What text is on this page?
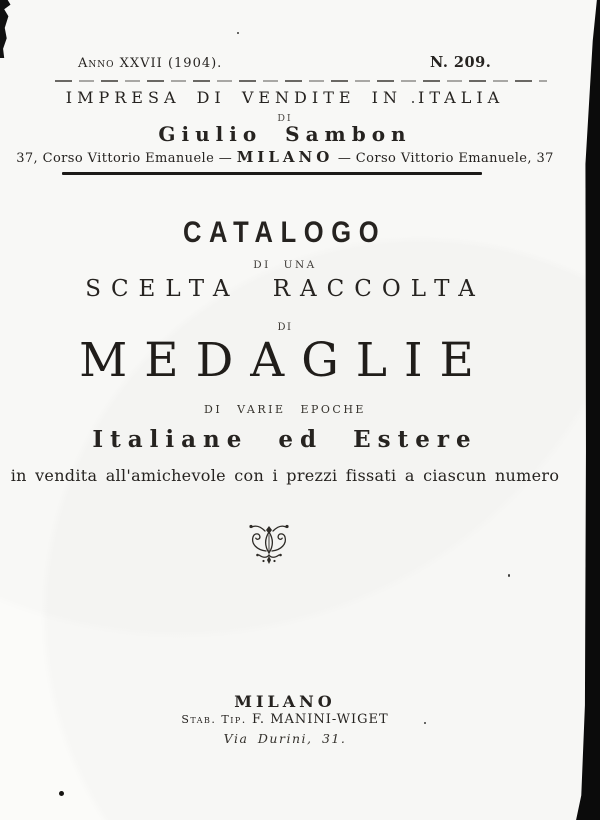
Anno XXVII (1904).	N. 209.
IMPRESA DI VENDITE IN ITALIA
DI
Giulio Sambon
37, Corso Vittorio Emanuele — MILANO — Corso Vittorio Emanuele, 37
CATALOGO
DI UNA
SCELTA RACCOLTA
DI
MEDAGLIE
DI VARIE EPOCHE
Italiane ed Estere
in vendita all'amichevole con i prezzi fissati a ciascun numero
MILANO
Stab. Tip. F. MANINI-WIGET
Via Durini, 31.
